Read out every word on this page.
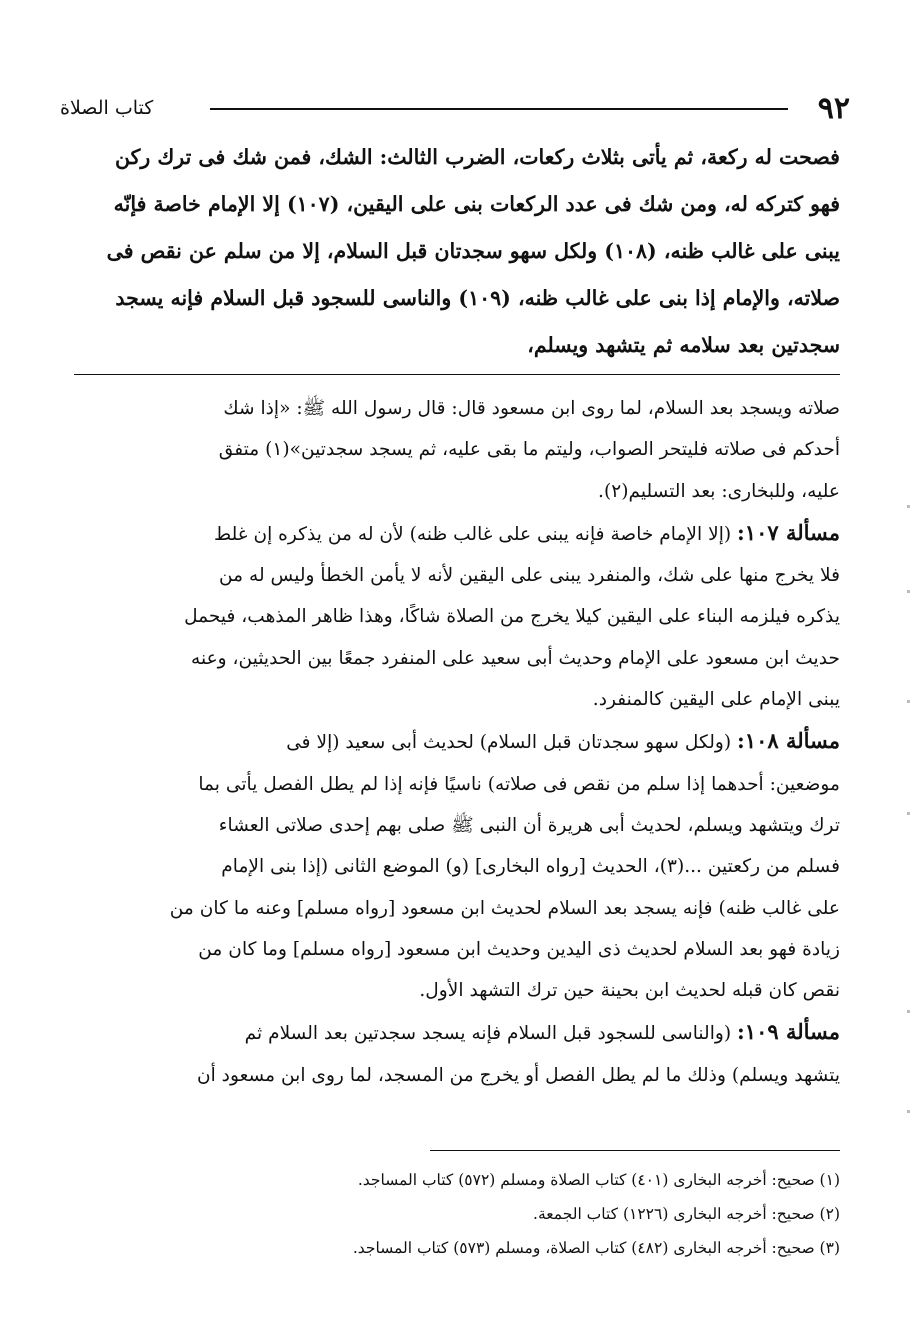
٩٢
كتاب الصلاة

فصحت له ركعة، ثم يأتى بثلاث ركعات، الضرب الثالث: الشك، فمن شك فى ترك ركن

فهو كتركه له، ومن شك فى عدد الركعات بنى على اليقين، (١٠٧) إلا الإمام خاصة فإنّه

يبنى على غالب ظنه، (١٠٨) ولكل سهو سجدتان قبل السلام، إلا من سلم عن نقص فى

صلاته، والإمام إذا بنى على غالب ظنه، (١٠٩) والناسى للسجود قبل السلام فإنه يسجد

سجدتين بعد سلامه ثم يتشهد ويسلم،

صلاته ويسجد بعد السلام، لما روى ابن مسعود قال: قال رسول الله ﷺ: «إذا شك

أحدكم فى صلاته فليتحر الصواب، وليتم ما بقى عليه، ثم يسجد سجدتين»(١) متفق

عليه، وللبخارى: بعد التسليم(٢).

مسألة ١٠٧: (إلا الإمام خاصة فإنه يبنى على غالب ظنه) لأن له من يذكره إن غلط

فلا يخرج منها على شك، والمنفرد يبنى على اليقين لأنه لا يأمن الخطأ وليس له من

يذكره فيلزمه البناء على اليقين كيلا يخرج من الصلاة شاكًا، وهذا ظاهر المذهب، فيحمل

حديث ابن مسعود على الإمام وحديث أبى سعيد على المنفرد جمعًا بين الحديثين، وعنه

يبنى الإمام على اليقين كالمنفرد.

مسألة ١٠٨: (ولكل سهو سجدتان قبل السلام) لحديث أبى سعيد (إلا فى

موضعين: أحدهما إذا سلم من نقص فى صلاته) ناسيًا فإنه إذا لم يطل الفصل يأتى بما

ترك ويتشهد ويسلم، لحديث أبى هريرة أن النبى ﷺ صلى بهم إحدى صلاتى العشاء

فسلم من ركعتين ...(٣)، الحديث [رواه البخارى] (و) الموضع الثانى (إذا بنى الإمام

على غالب ظنه) فإنه يسجد بعد السلام لحديث ابن مسعود [رواه مسلم] وعنه ما كان من

زيادة فهو بعد السلام لحديث ذى اليدين وحديث ابن مسعود [رواه مسلم] وما كان من

نقص كان قبله لحديث ابن بحينة حين ترك التشهد الأول.

مسألة ١٠٩: (والناسى للسجود قبل السلام فإنه يسجد سجدتين بعد السلام ثم

يتشهد ويسلم) وذلك ما لم يطل الفصل أو يخرج من المسجد، لما روى ابن مسعود أن

(١) صحيح: أخرجه البخارى (٤٠١) كتاب الصلاة ومسلم (٥٧٢) كتاب المساجد.

(٢) صحيح: أخرجه البخارى (١٢٢٦) كتاب الجمعة.

(٣) صحيح: أخرجه البخارى (٤٨٢) كتاب الصلاة، ومسلم (٥٧٣) كتاب المساجد.
